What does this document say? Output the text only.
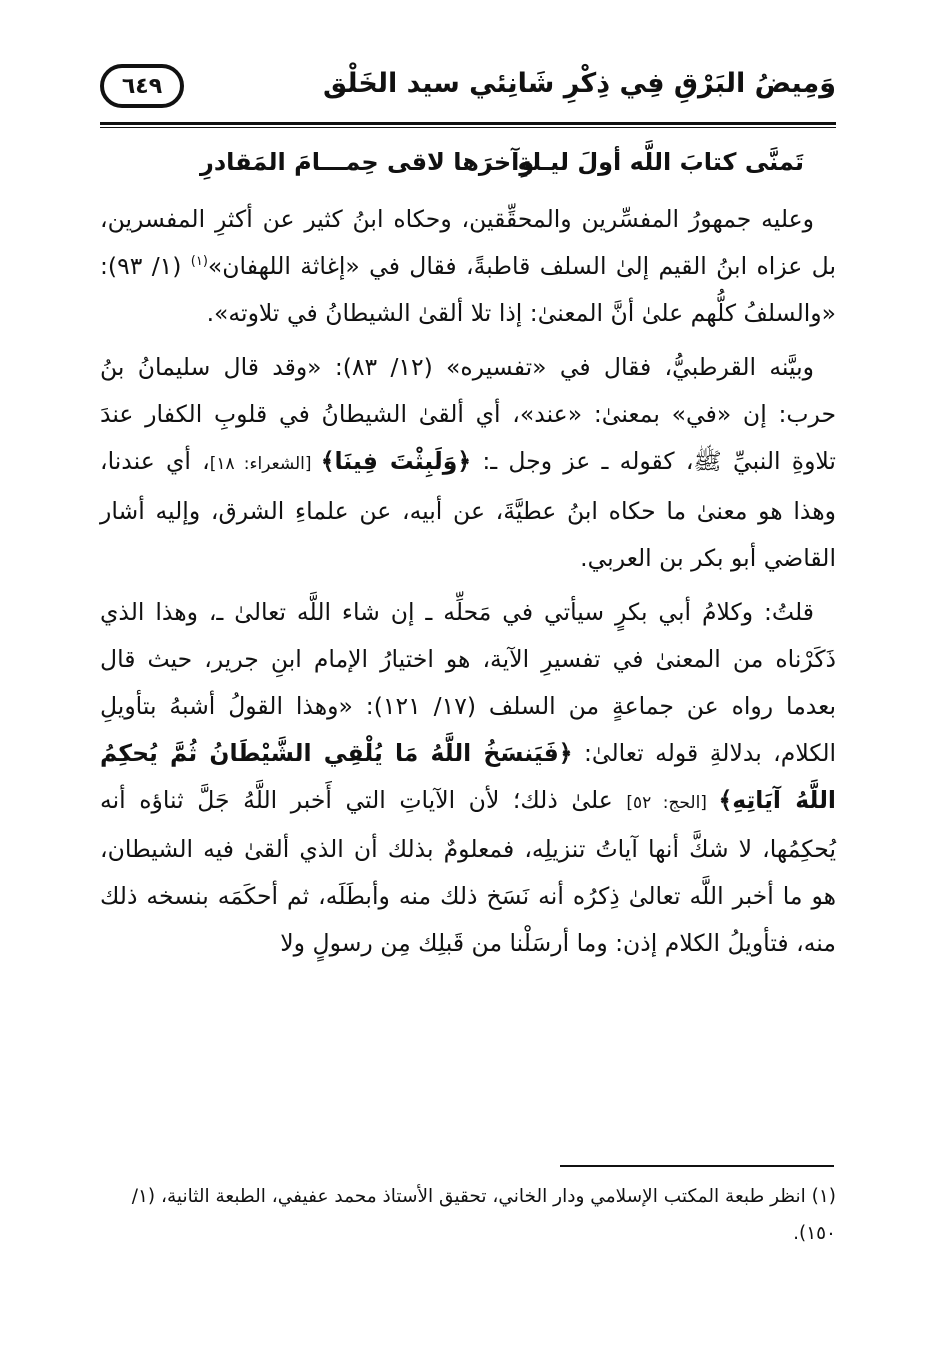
وَمِيضُ البَرْقِ فِي ذِكْرِ شَانِئي سيد الخَلْق
٦٤٩
تَمنَّى كتابَ اللَّه أولَ ليـلةٍ
وآخرَها لاقى حِمـــامَ المَقادرِ

وعليه جمهورُ المفسِّرين والمحقِّقين، وحكاه ابنُ كثير عن أكثرِ المفسرين، بل عزاه ابنُ القيم إلىٰ السلف قاطبةً، فقال في «إغاثة اللهفان»$^{(١)}$ (١/ ٩٣): «والسلفُ كلُّهم علىٰ أنَّ المعنىٰ: إذا تلا ألقىٰ الشيطانُ في تلاوته».

وبيَّنه القرطبيُّ، فقال في «تفسيره» (١٢/ ٨٣): «وقد قال سليمانُ بنُ حرب: إن «في» بمعنىٰ: «عند»، أي ألقىٰ الشيطانُ في قلوبِ الكفار عندَ تلاوةِ النبيِّ ﷺ، كقوله ـ عز وجل ـ: ﴿وَلَبِثْتَ فِينَا﴾ [الشعراء: ١٨]، أي عندنا، وهذا هو معنىٰ ما حكاه ابنُ عطيَّةَ، عن أبيه، عن علماءِ الشرق، وإليه أشار القاضي أبو بكر بن العربي.

قلتُ: وكلامُ أبي بكرٍ سيأتي في مَحلِّه ـ إن شاء اللَّه تعالىٰ ـ، وهذا الذي ذَكَرْناه من المعنىٰ في تفسيرِ الآية، هو اختيارُ الإمام ابنِ جرير، حيث قال بعدما رواه عن جماعةٍ من السلف (١٧/ ١٢١): «وهذا القولُ أشبهُ بتأويلِ الكلام، بدلالةِ قوله تعالىٰ: ﴿فَيَنسَخُ اللَّهُ مَا يُلْقِي الشَّيْطَانُ ثُمَّ يُحكِمُ اللَّهُ آيَاتِهِ﴾ [الحج: ٥٢] علىٰ ذلك؛ لأن الآياتِ التي أَخبر اللَّهُ جَلَّ ثناؤه أنه يُحكِمُها، لا شكَّ أنها آياتُ تنزيلِه، فمعلومٌ بذلك أن الذي ألقىٰ فيه الشيطان، هو ما أخبر اللَّه تعالىٰ ذِكرُه أنه نَسَخ ذلك منه وأبطَلَه، ثم أحكَمَه بنسخه ذلك منه، فتأويلُ الكلام إذن: وما أرسَلْنا من قَبلِك مِن رسولٍ ولا

(١) انظر طبعة المكتب الإسلامي ودار الخاني، تحقيق الأستاذ محمد عفيفي، الطبعة الثانية، (١/ ١٥٠).
